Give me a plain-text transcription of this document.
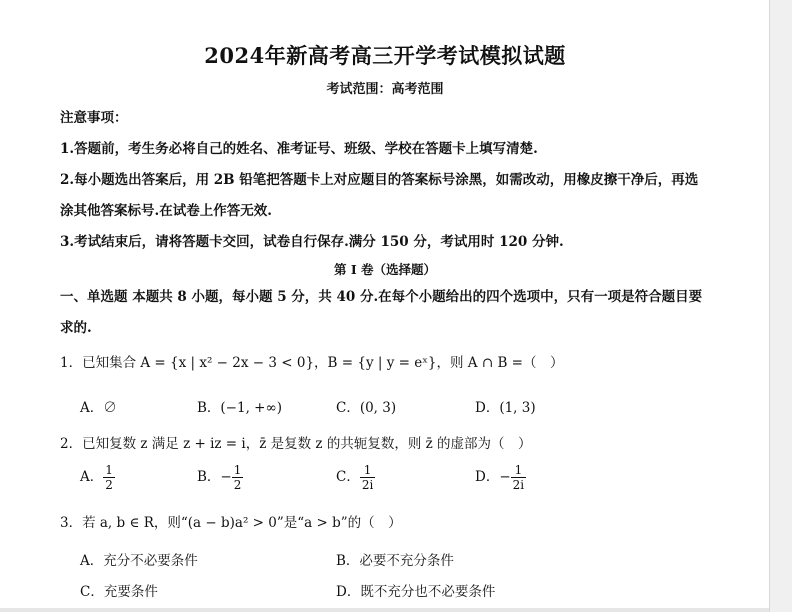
2024年新高考高三开学考试模拟试题
考试范围：高考范围
注意事项：
1.答题前，考生务必将自己的姓名、准考证号、班级、学校在答题卡上填写清楚.
2.每小题选出答案后，用 2B 铅笔把答题卡上对应题目的答案标号涂黑，如需改动，用橡皮擦干净后，再选
涂其他答案标号.在试卷上作答无效.
3.考试结束后，请将答题卡交回，试卷自行保存.满分 150 分，考试用时 120 分钟.
第 I 卷（选择题）
一、单选题 本题共 8 小题，每小题 5 分，共 40 分.在每个小题给出的四个选项中，只有一项是符合题目要
求的.
1．已知集合 A = {x | x² − 2x − 3 < 0}，B = {y | y = eˣ}，则 A ∩ B =（　）
A．∅	B．(−1, +∞)	C．(0, 3)	D．(1, 3)
2．已知复数 z 满足 z + iz = i，z̄ 是复数 z 的共轭复数，则 z̄ 的虚部为（　）
A． $\frac{1}{2}$	B．− $\frac{1}{2}$	C． $\frac{1}{2i}$	D．− $\frac{1}{2i}$
3．若 a, b ∈ R，则“(a − b)a² > 0”是“a > b”的（　）
A．充分不必要条件	B．必要不充分条件
C．充要条件	D．既不充分也不必要条件
